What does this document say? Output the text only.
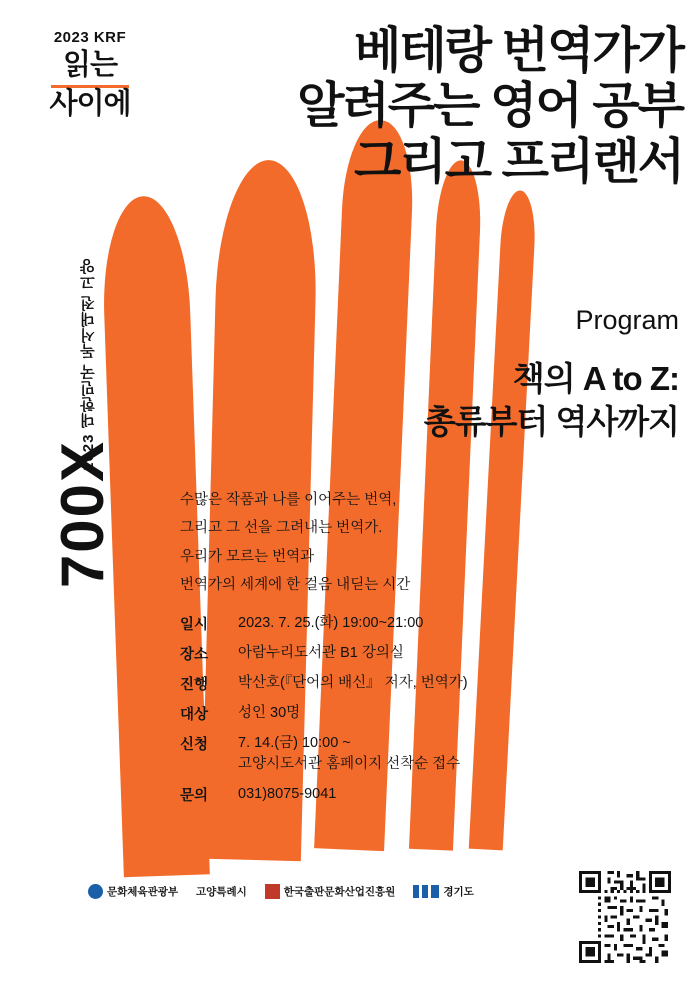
2023 KRF
읽는
사이에
베테랑 번역가가
알려주는 영어 공부
그리고 프리랜서
Program
책의 A to Z:
총류부터 역사까지
2023 대한민국 독서대전 고양
700X	수많은 작품과 나를 이어주는 번역,
그리고 그 선을 그려내는 번역가.
우리가 모르는 번역과
번역가의 세계에 한 걸음 내딛는 시간
일시	2023. 7. 25.(화) 19:00~21:00
장소	아람누리도서관 B1 강의실
진행	박산호(『단어의 배신』 저자, 번역가)
대상	성인 30명
신청	7. 14.(금) 10:00 ~
고양시도서관 홈페이지 선착순 접수
문의	031)8075-9041
문화체육관광부 고양특례시	한국출판문화산업진흥원	경기도
